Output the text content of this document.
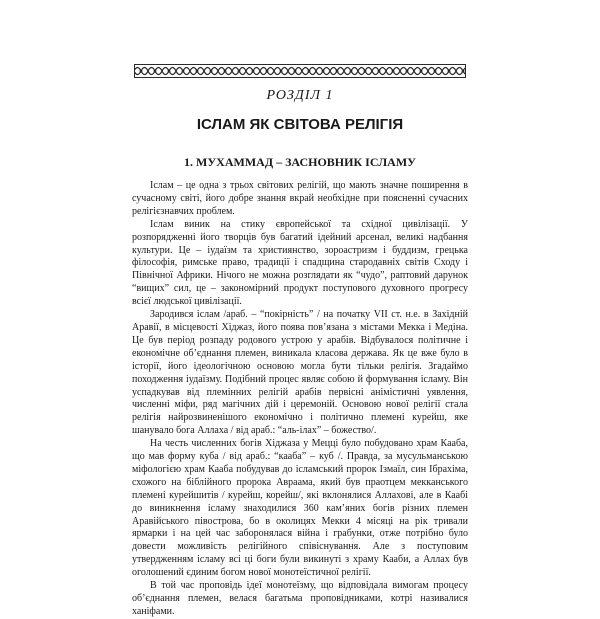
РОЗДІЛ 1
ІСЛАМ ЯК СВІТОВА РЕЛІГІЯ
1. МУХАММАД – ЗАСНОВНИК ІСЛАМУ

Іслам – це одна з трьох світових релігій, що мають значне поширення в сучасному світі, його добре знання вкрай необхідне при поясненні сучасних релігієзнавчих проблем.

Іслам виник на стику європейської та східної цивілізації. У розпорядженні його творців був багатий ідейний арсенал, великі надбання культури. Це – іудаїзм та християнство, зороастризм і буддизм, грецька філософія, римське право, традиції і спадщина стародавніх світів Сходу і Північної Африки. Нічого не можна розглядати як “чудо”, раптовий дарунок “вищих” сил, це – закономірний продукт поступового духовного прогресу всієї людської цивілізації.

Зародився іслам /араб. – “покірність” / на початку VII ст. н.е. в Західній Аравії, в місцевості Хіджаз, його поява пов’язана з містами Мекка і Медіна. Це був період розпаду родового устрою у арабів. Відбувалося політичне і економічне об’єднання племен, виникала класова держава. Як це вже було в історії, його ідеологічною основою могла бути тільки релігія. Згадаймо походження іудаїзму. Подібний процес являє собою й формування ісламу. Він успадкував від племінних релігій арабів первісні анімістичні уявлення, численні міфи, ряд магічних дій і церемоній. Основою нової релігії стала релігія найрозвиненішого економічно і політично племені курейш, яке шанувало бога Аллаха / від араб.: “аль-ілах” – божество/.

На честь численних богів Хіджаза у Мецці було побудовано храм Кааба, що мав форму куба / від араб.: “кааба” – куб /. Правда, за мусульманською міфологією храм Кааба побудував до ісламський пророк Ізмаїл, син Ібрахіма, схожого на біблійного пророка Авраама, який був праотцем мекканського племені курейшитів / курейш, корейш/, які вклонялися Аллахові, але в Каабі до виникнення ісламу знаходилися 360 кам’яних богів різних племен Аравійського півострова, бо в околицях Мекки 4 місяці на рік тривали ярмарки і на цей час заборонялася війна і грабунки, отже потрібно було довести можливість релігійного співіснування. Але з поступовим утвердженням ісламу всі ці боги були викинуті з храму Кааби, а Аллах був оголошений єдиним богом нової монотеїстичної релігії.

В той час проповідь ідеї монотеїзму, що відповідала вимогам процесу об’єднання племен, велася багатьма проповідниками, котрі називалися ханіфами.
